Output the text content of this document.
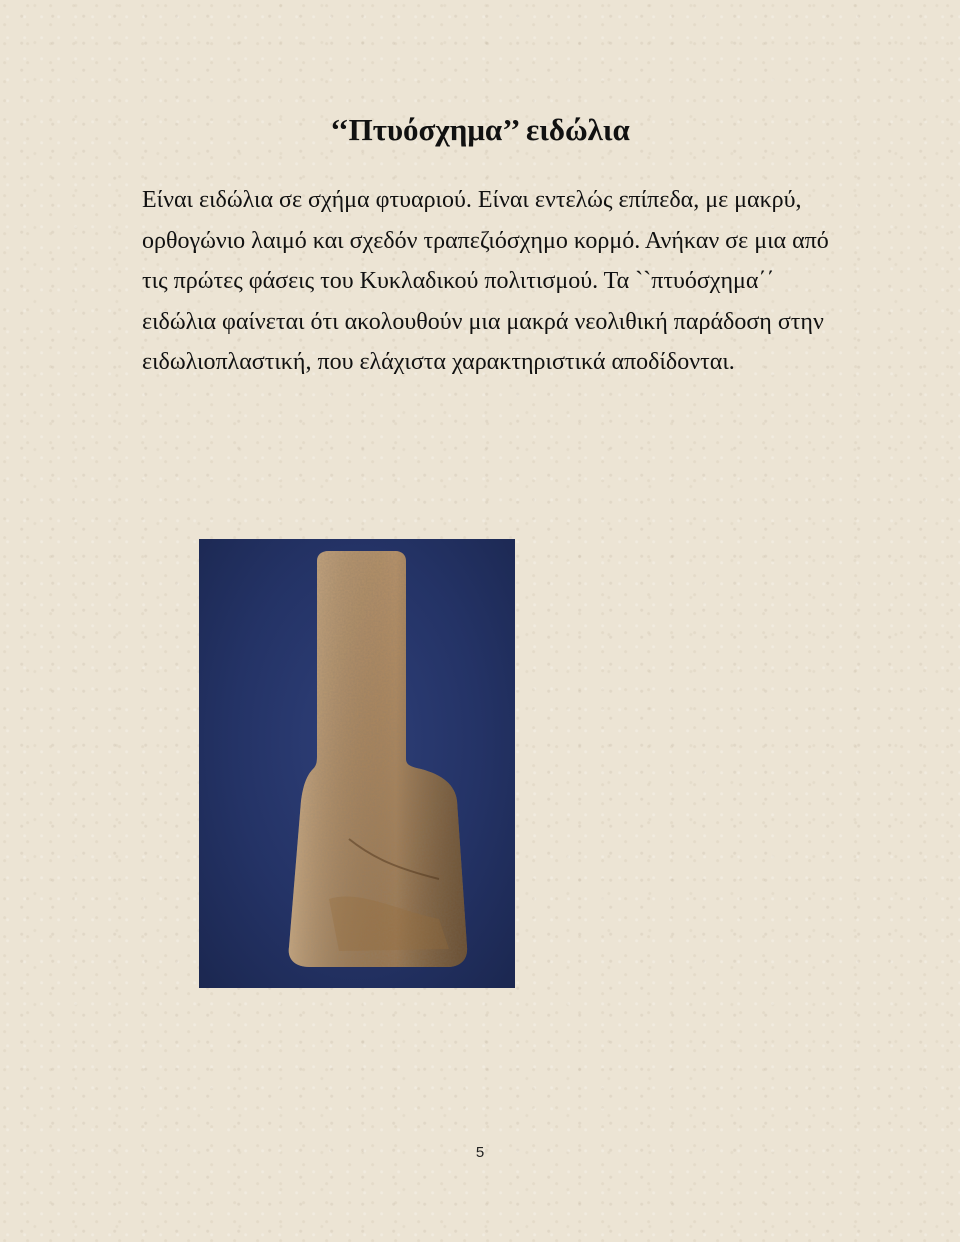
‘‘Πτυόσχημα’’ ειδώλια

Είναι ειδώλια σε σχήμα φτυαριού. Είναι εντελώς επίπεδα, με μακρύ, ορθογώνιο λαιμό και σχεδόν τραπεζιόσχημο κορμό. Ανήκαν σε μια από τις πρώτες φάσεις του Κυκλαδικού πολιτισμού. Τα ``πτυόσχημα΄΄ ειδώλια φαίνεται ότι ακολουθούν μια μακρά νεολιθική παράδοση στην ειδωλιοπλαστική, που ελάχιστα χαρακτηριστικά αποδίδονται.

5
